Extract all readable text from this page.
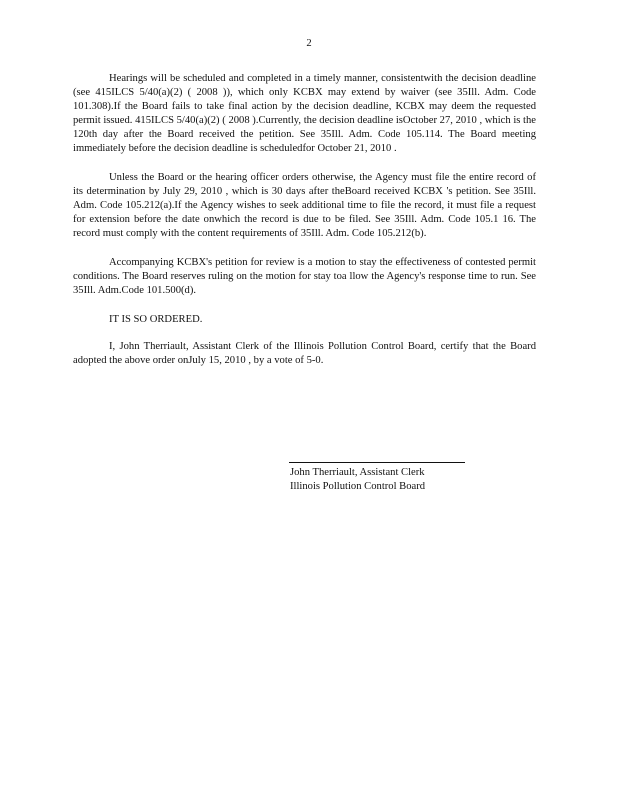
2

Hearings will be scheduled and completed in a timely manner, consistentwith the decision deadline (see 415ILCS 5/40(a)(2) ( 2008 )), which only KCBX may extend by waiver (see 35Ill. Adm. Code 101.308).If the Board fails to take final action by the decision deadline, KCBX may deem the requested permit issued. 415ILCS 5/40(a)(2) ( 2008 ).Currently, the decision deadline isOctober 27, 2010 , which is the 120th day after the Board received the petition. See 35Ill. Adm. Code 105.114. The Board meeting immediately before the decision deadline is scheduledfor October 21, 2010 .

Unless the Board or the hearing officer orders otherwise, the Agency must file the entire record of its determination by July 29, 2010 , which is 30 days after theBoard received KCBX 's petition. See 35Ill. Adm. Code 105.212(a).If the Agency wishes to seek additional time to file the record, it must file a request for extension before the date onwhich the record is due to be filed. See 35Ill. Adm. Code 105.1 16. The record must comply with the content requirements of 35Ill. Adm. Code 105.212(b).

Accompanying KCBX's petition for review is a motion to stay the effectiveness of contested permit conditions. The Board reserves ruling on the motion for stay toa llow the Agency's response time to run. See 35Ill. Adm.Code 101.500(d).

IT IS SO ORDERED.

I, John Therriault, Assistant Clerk of the Illinois Pollution Control Board, certify that the Board adopted the above order onJuly 15, 2010 , by a vote of 5-0.

John Therriault, Assistant Clerk
Illinois Pollution Control Board
